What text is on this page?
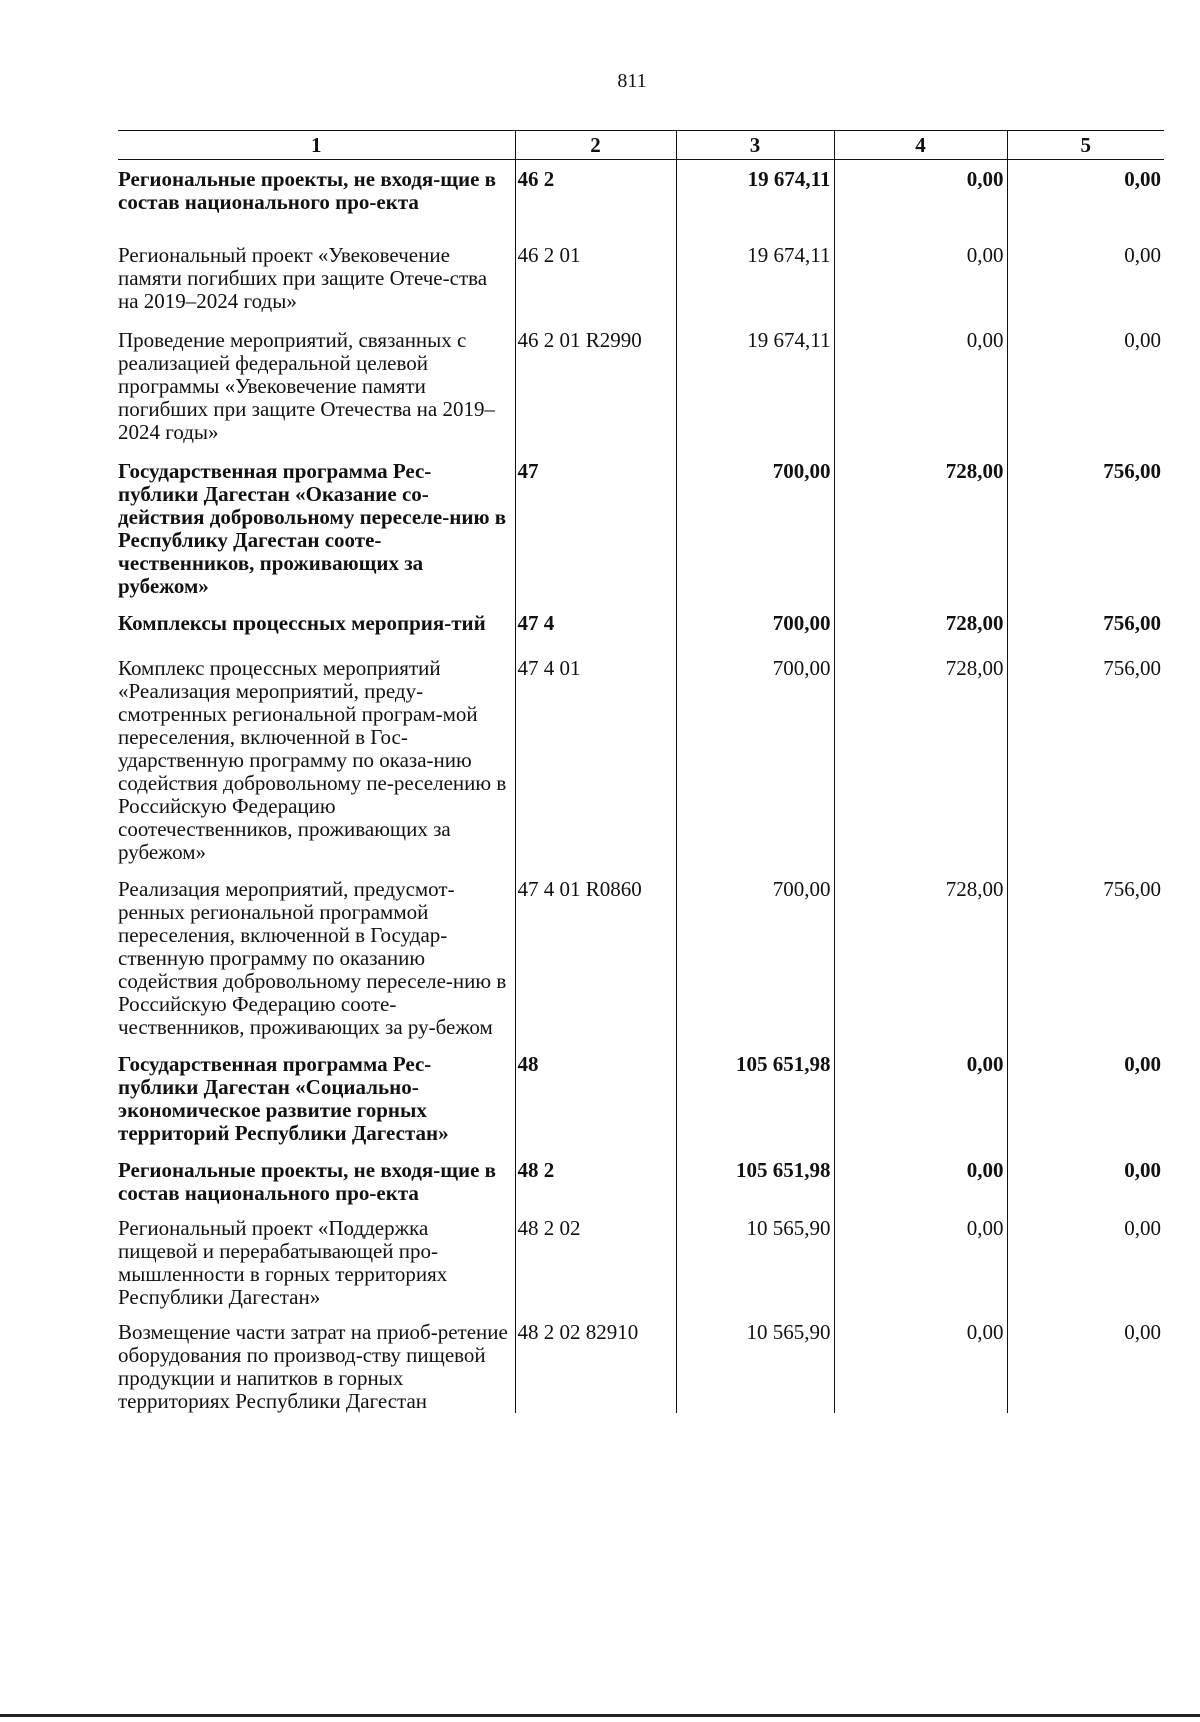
811
1	2	3	4	5
Региональные проекты, не входя-щие в состав национального про-екта	46 2	19 674,11	0,00	0,00
Региональный проект «Увековечение памяти погибших при защите Отече-ства на 2019–2024 годы»	46 2 01	19 674,11	0,00	0,00
Проведение мероприятий, связанных с реализацией федеральной целевой программы «Увековечение памяти погибших при защите Отечества на 2019–2024 годы»	46 2 01 R2990	19 674,11	0,00	0,00
Государственная программа Рес-публики Дагестан «Оказание со-действия добровольному переселе-нию в Республику Дагестан сооте-чественников, проживающих за рубежом»	47	700,00	728,00	756,00
Комплексы процессных мероприя-тий	47 4	700,00	728,00	756,00
Комплекс процессных мероприятий «Реализация мероприятий, преду-смотренных региональной програм-мой переселения, включенной в Гос-ударственную программу по оказа-нию содействия добровольному пе-реселению в Российскую Федерацию соотечественников, проживающих за рубежом»	47 4 01	700,00	728,00	756,00
Реализация мероприятий, предусмот-ренных региональной программой переселения, включенной в Государ-ственную программу по оказанию содействия добровольному переселе-нию в Российскую Федерацию сооте-чественников, проживающих за ру-бежом	47 4 01 R0860	700,00	728,00	756,00
Государственная программа Рес-публики Дагестан «Социально-экономическое развитие горных территорий Республики Дагестан»	48	105 651,98	0,00	0,00
Региональные проекты, не входя-щие в состав национального про-екта	48 2	105 651,98	0,00	0,00
Региональный проект «Поддержка пищевой и перерабатывающей про-мышленности в горных территориях Республики Дагестан»	48 2 02	10 565,90	0,00	0,00
Возмещение части затрат на приоб-ретение оборудования по производ-ству пищевой продукции и напитков в горных территориях Республики Дагестан	48 2 02 82910	10 565,90	0,00	0,00
